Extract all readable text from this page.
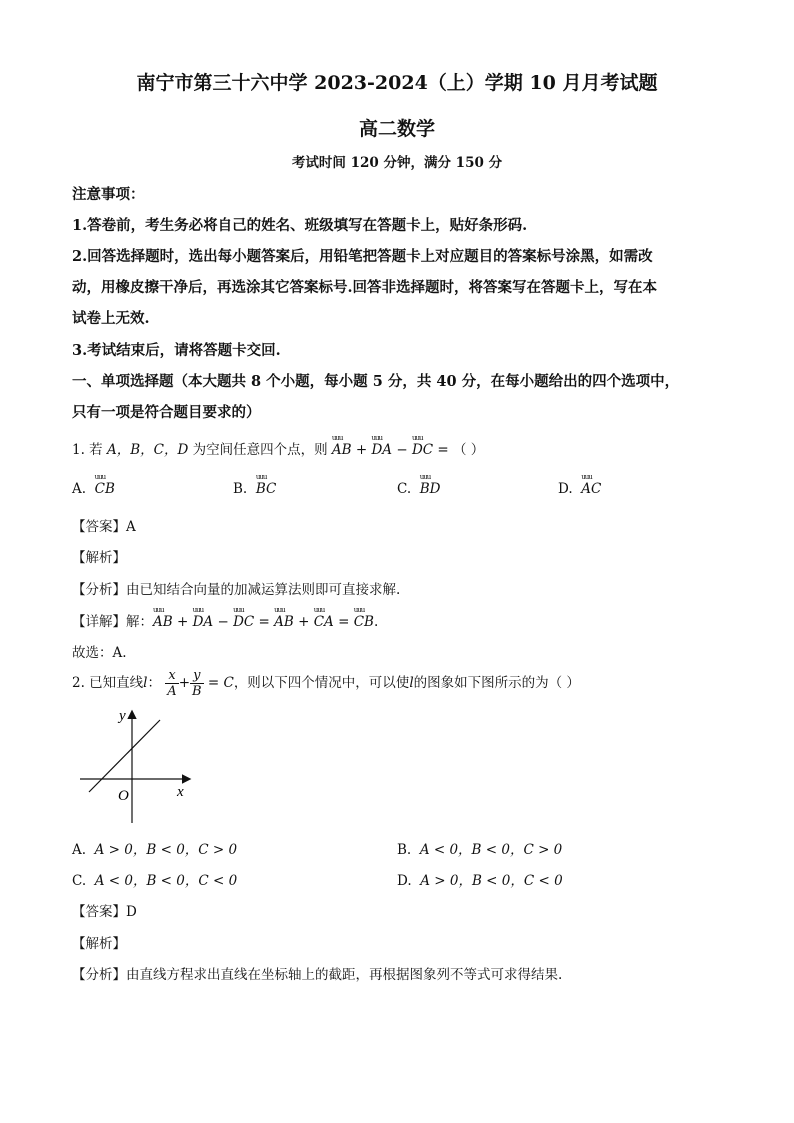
南宁市第三十六中学 2023-2024（上）学期 10 月月考试题
高二数学
考试时间 120 分钟，满分 150 分
注意事项：
1.答卷前，考生务必将自己的姓名、班级填写在答题卡上，贴好条形码.
2.回答选择题时，选出每小题答案后，用铅笔把答题卡上对应题目的答案标号涂黑，如需改
动，用橡皮擦干净后，再选涂其它答案标号.回答非选择题时，将答案写在答题卡上，写在本
试卷上无效.
3.考试结束后，请将答题卡交回.
一、单项选择题（本大题共 8 个小题，每小题 5 分，共 40 分，在每小题给出的四个选项中，
只有一项是符合题目要求的）
1. 若 A，B，C，D 为空间任意四个点，则 uuu AB + uuu DA − uuu DC = （ ）
A. uuu CB	B. uuu BC	C. uuu BD	D. uuu AC
【答案】A
【解析】
【分析】由已知结合向量的加减运算法则即可直接求解.
【详解】解：uuu AB + uuu DA − uuu DC = uuu AB + uuu CA = uuu CB.
故选：A.
2. 已知直线l： $\frac{x}{A} + \frac{y}{B} = C$，则以下四个情况中，可以使l的图象如下图所示的为（ ）
y
x
O
A. A > 0，B < 0，C > 0	B. A < 0，B < 0，C > 0
C. A < 0，B < 0，C < 0	D. A > 0，B < 0，C < 0
【答案】D
【解析】
【分析】由直线方程求出直线在坐标轴上的截距，再根据图象列不等式可求得结果.
